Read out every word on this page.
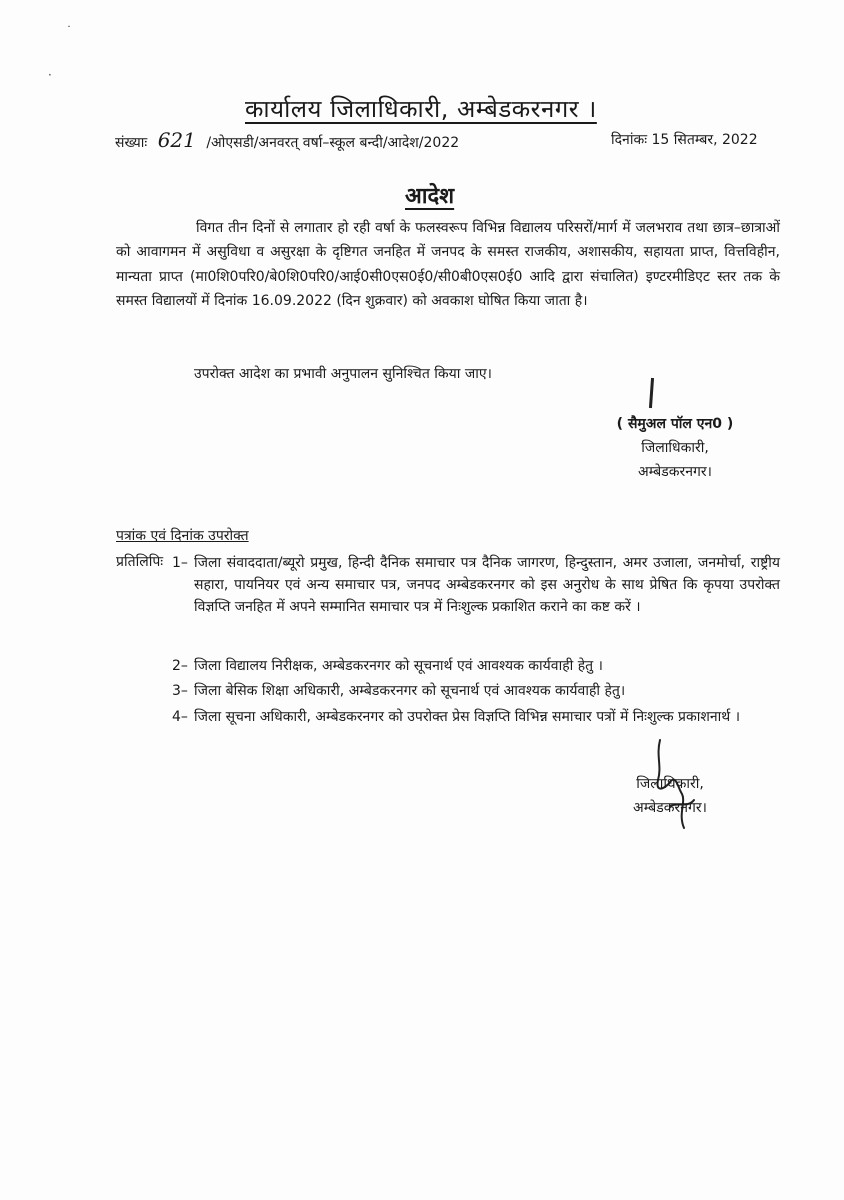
˙
·
कार्यालय जिलाधिकारी, अम्बेडकरनगर ।
संख्याः 621 /ओएसडी/अनवरत् वर्षा–स्कूल बन्दी/आदेश/2022	दिनांकः 15 सितम्बर, 2022
आदेश

विगत तीन दिनों से लगातार हो रही वर्षा के फलस्वरूप विभिन्न विद्यालय परिसरों/मार्ग में जलभराव तथा छात्र–छात्राओं को आवागमन में असुविधा व असुरक्षा के दृष्टिगत जनहित में जनपद के समस्त राजकीय, अशासकीय, सहायता प्राप्त, वित्तविहीन, मान्यता प्राप्त (मा0शि0परि0/बे0शि0परि0/आई0सी0एस0ई0/सी0बी0एस0ई0 आदि द्वारा संचालित) इण्टरमीडिएट स्तर तक के समस्त विद्यालयों में दिनांक 16.09.2022 (दिन शुक्रवार) को अवकाश घोषित किया जाता है।

उपरोक्त आदेश का प्रभावी अनुपालन सुनिश्चित किया जाए।
( सैमुअल पॉल एन0 )
जिलाधिकारी,
अम्बेडकरनगर।
पत्रांक एवं दिनांक उपरोक्त
प्रतिलिपिः 1– जिला संवाददाता/ब्यूरो प्रमुख, हिन्दी दैनिक समाचार पत्र दैनिक जागरण, हिन्दुस्तान, अमर उजाला, जनमोर्चा, राष्ट्रीय सहारा, पायनियर एवं अन्य समाचार पत्र, जनपद अम्बेडकरनगर को इस अनुरोध के साथ प्रेषित कि कृपया उपरोक्त विज्ञप्ति जनहित में अपने सम्मानित समाचार पत्र में निःशुल्क प्रकाशित कराने का कष्ट करें ।
2– जिला विद्यालय निरीक्षक, अम्बेडकरनगर को सूचनार्थ एवं आवश्यक कार्यवाही हेतु ।
3– जिला बेसिक शिक्षा अधिकारी, अम्बेडकरनगर को सूचनार्थ एवं आवश्यक कार्यवाही हेतु।
4– जिला सूचना अधिकारी, अम्बेडकरनगर को उपरोक्त प्रेस विज्ञप्ति विभिन्न समाचार पत्रों में निःशुल्क प्रकाशनार्थ ।
जिलाधिकारी,
अम्बेडकरनगर।
